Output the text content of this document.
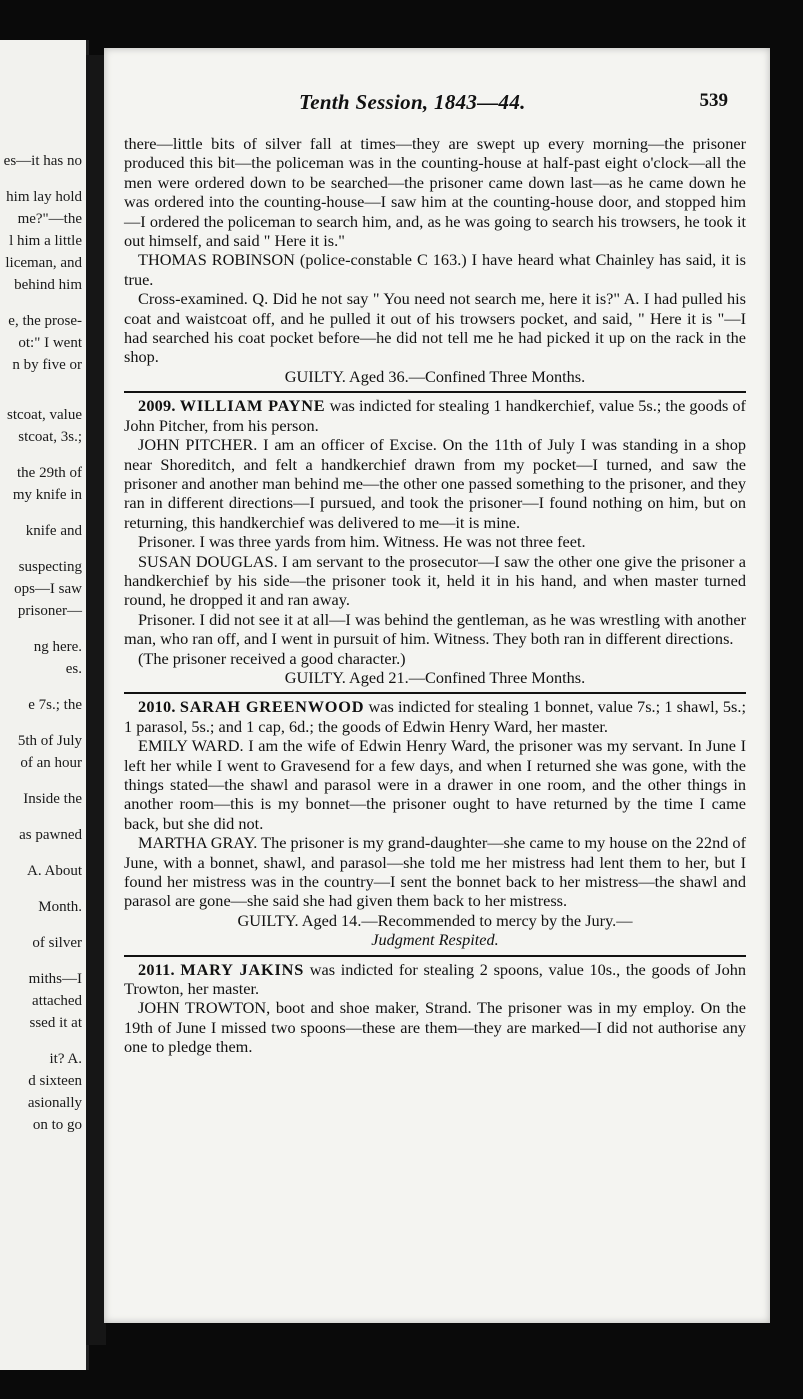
es—it has no
him lay hold
me?"—the
l him a little
liceman, and
behind him
e, the prose-
ot:" I went
n by five or
stcoat, value
stcoat, 3s.;
the 29th of
my knife in
knife and
suspecting
ops—I saw
prisoner—
ng here.
es.
e 7s.; the
5th of July
of an hour
Inside the
as pawned
A. About
Month.
of silver
miths—I
attached
ssed it at
it? A.
d sixteen
asionally
on to go
Tenth Session, 1843—44.	539

there—little bits of silver fall at times—they are swept up every morning—the prisoner produced this bit—the policeman was in the counting-house at half-past eight o'clock—all the men were ordered down to be searched—the prisoner came down last—as he came down he was ordered into the counting-house—I saw him at the counting-house door, and stopped him—I ordered the policeman to search him, and, as he was going to search his trowsers, he took it out himself, and said " Here it is."

THOMAS ROBINSON (police-constable C 163.) I have heard what Chainley has said, it is true.

Cross-examined. Q. Did he not say " You need not search me, here it is?" A. I had pulled his coat and waistcoat off, and he pulled it out of his trowsers pocket, and said, " Here it is "—I had searched his coat pocket before—he did not tell me he had picked it up on the rack in the shop.

GUILTY. Aged 36.—Confined Three Months.

2009. WILLIAM PAYNE was indicted for stealing 1 handkerchief, value 5s.; the goods of John Pitcher, from his person.

JOHN PITCHER. I am an officer of Excise. On the 11th of July I was standing in a shop near Shoreditch, and felt a handkerchief drawn from my pocket—I turned, and saw the prisoner and another man behind me—the other one passed something to the prisoner, and they ran in different directions—I pursued, and took the prisoner—I found nothing on him, but on returning, this handkerchief was delivered to me—it is mine.

Prisoner. I was three yards from him. Witness. He was not three feet.

SUSAN DOUGLAS. I am servant to the prosecutor—I saw the other one give the prisoner a handkerchief by his side—the prisoner took it, held it in his hand, and when master turned round, he dropped it and ran away.

Prisoner. I did not see it at all—I was behind the gentleman, as he was wrestling with another man, who ran off, and I went in pursuit of him. Witness. They both ran in different directions.

(The prisoner received a good character.)

GUILTY. Aged 21.—Confined Three Months.

2010. SARAH GREENWOOD was indicted for stealing 1 bonnet, value 7s.; 1 shawl, 5s.; 1 parasol, 5s.; and 1 cap, 6d.; the goods of Edwin Henry Ward, her master.

EMILY WARD. I am the wife of Edwin Henry Ward, the prisoner was my servant. In June I left her while I went to Gravesend for a few days, and when I returned she was gone, with the things stated—the shawl and parasol were in a drawer in one room, and the other things in another room—this is my bonnet—the prisoner ought to have returned by the time I came back, but she did not.

MARTHA GRAY. The prisoner is my grand-daughter—she came to my house on the 22nd of June, with a bonnet, shawl, and parasol—she told me her mistress had lent them to her, but I found her mistress was in the country—I sent the bonnet back to her mistress—the shawl and parasol are gone—she said she had given them back to her mistress.

GUILTY. Aged 14.—Recommended to mercy by the Jury.—

Judgment Respited.

2011. MARY JAKINS was indicted for stealing 2 spoons, value 10s., the goods of John Trowton, her master.

JOHN TROWTON, boot and shoe maker, Strand. The prisoner was in my employ. On the 19th of June I missed two spoons—these are them—they are marked—I did not authorise any one to pledge them.
